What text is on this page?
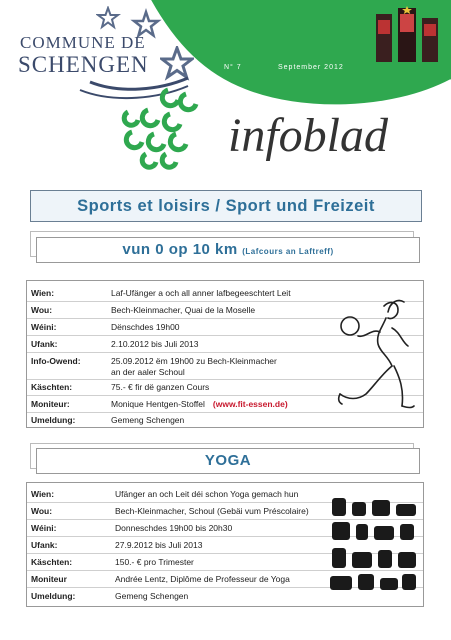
COMMUNE DE
SCHENGEN	N° 7	September 2012
infoblad
Sports et loisirs / Sport und Freizeit
vun 0 op 10 km (Lafcours an Laftreff)
Wien:	Laf-Ufänger a och all anner lafbegeeschtert Leit
Wou:	Bech-Kleinmacher, Quai de la Moselle
Wéini:	Dënschdes 19h00
Ufank:	2.10.2012 bis Juli 2013
Info-Owend:	25.09.2012 ëm 19h00 zu Bech-Kleinmacher
an der aaler Schoul
Käschten:	75.- € fir dë ganzen Cours
Moniteur:	Monique Hentgen-Stoffel (www.fit-essen.de)
Umeldung:	Gemeng Schengen
YOGA
Wien:	Ufänger an och Leit déi schon Yoga gemach hun
Wou:	Bech-Kleinmacher, Schoul (Gebäi vum Préscolaire)
Wéini:	Donneschdes 19h00 bis 20h30
Ufank:	27.9.2012 bis Juli 2013
Käschten:	150.- € pro Trimester
Moniteur	Andrée Lentz, Diplôme de Professeur de Yoga
Umeldung:	Gemeng Schengen
